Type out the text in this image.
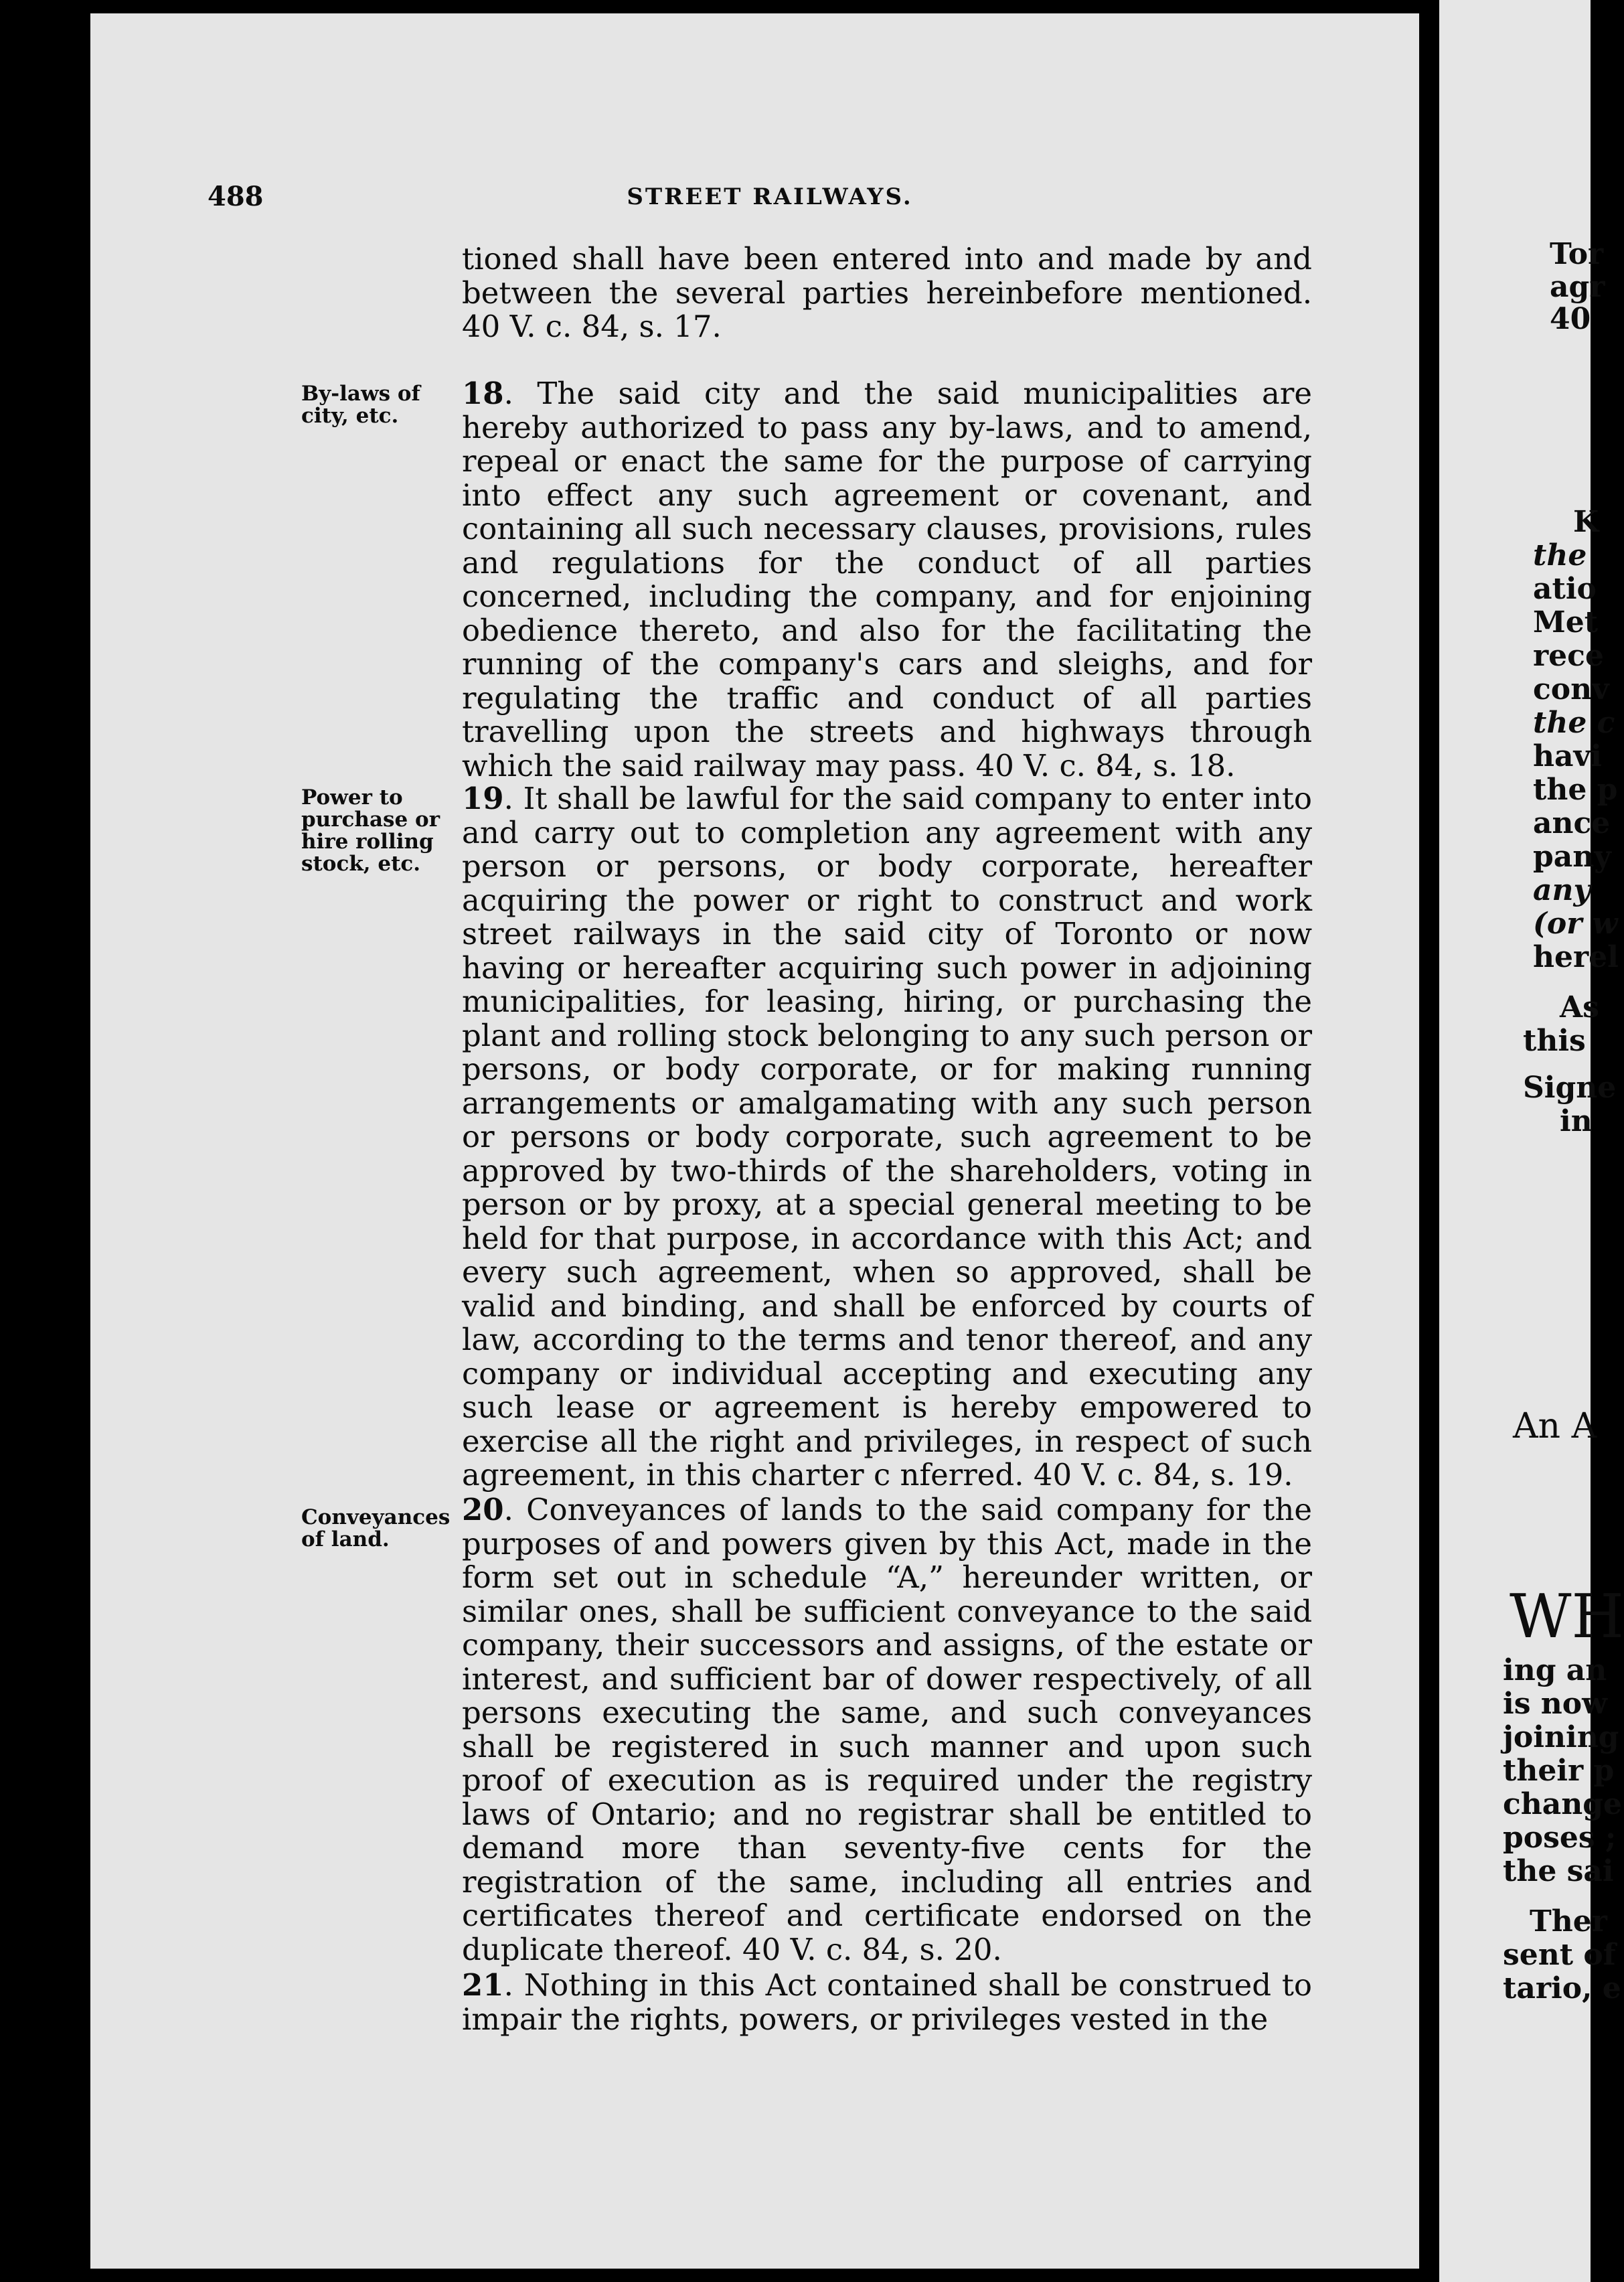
488	STREET RAILWAYS.
tioned shall have been entered into and made by and between the several parties hereinbefore mentioned. 40 V. c. 84, s. 17.
By-laws of city, etc.
18. The said city and the said municipalities are hereby authorized to pass any by-laws, and to amend, repeal or enact the same for the purpose of carrying into effect any such agreement or covenant, and containing all such necessary clauses, provisions, rules and regulations for the conduct of all parties concerned, including the company, and for enjoining obedience thereto, and also for the facilitating the running of the company's cars and sleighs, and for regulating the traffic and conduct of all parties travelling upon the streets and highways through which the said railway may pass. 40 V. c. 84, s. 18.
Power to purchase or hire rolling stock, etc.
19. It shall be lawful for the said company to enter into and carry out to completion any agreement with any person or persons, or body corporate, hereafter acquiring the power or right to construct and work street railways in the said city of Toronto or now having or hereafter acquiring such power in adjoining municipalities, for leasing, hiring, or purchasing the plant and rolling stock belonging to any such person or persons, or body corporate, or for making running arrangements or amalgamating with any such person or persons or body corporate, such agreement to be approved by two-thirds of the shareholders, voting in person or by proxy, at a special general meeting to be held for that purpose, in accordance with this Act; and every such agreement, when so approved, shall be valid and binding, and shall be enforced by courts of law, according to the terms and tenor thereof, and any company or individual accepting and executing any such lease or agreement is hereby empowered to exercise all the right and privileges, in respect of such agreement, in this charter c nferred. 40 V. c. 84, s. 19.
Conveyances of land.
20. Conveyances of lands to the said company for the purposes of and powers given by this Act, made in the form set out in schedule “A,” hereunder written, or similar ones, shall be sufficient conveyance to the said company, their successors and assigns, of the estate or interest, and sufficient bar of dower respectively, of all persons executing the same, and such conveyances shall be registered in such manner and upon such proof of execution as is required under the registry laws of Ontario; and no registrar shall be entitled to demand more than seventy-five cents for the registration of the same, including all entries and certificates thereof and certificate endorsed on the duplicate thereof. 40 V. c. 84, s. 20.
21. Nothing in this Act contained shall be construed to impair the rights, powers, or privileges vested in the
Tor
agr
40
K
the
atio
Met
rece
conv
the c
havi
the p
ance
pany
any
(or w
herel
As
this
Signe
in
An A
WH
ing an
is now
joining
their p
change
poses ;
the sai
Ther
sent of
tario, e
